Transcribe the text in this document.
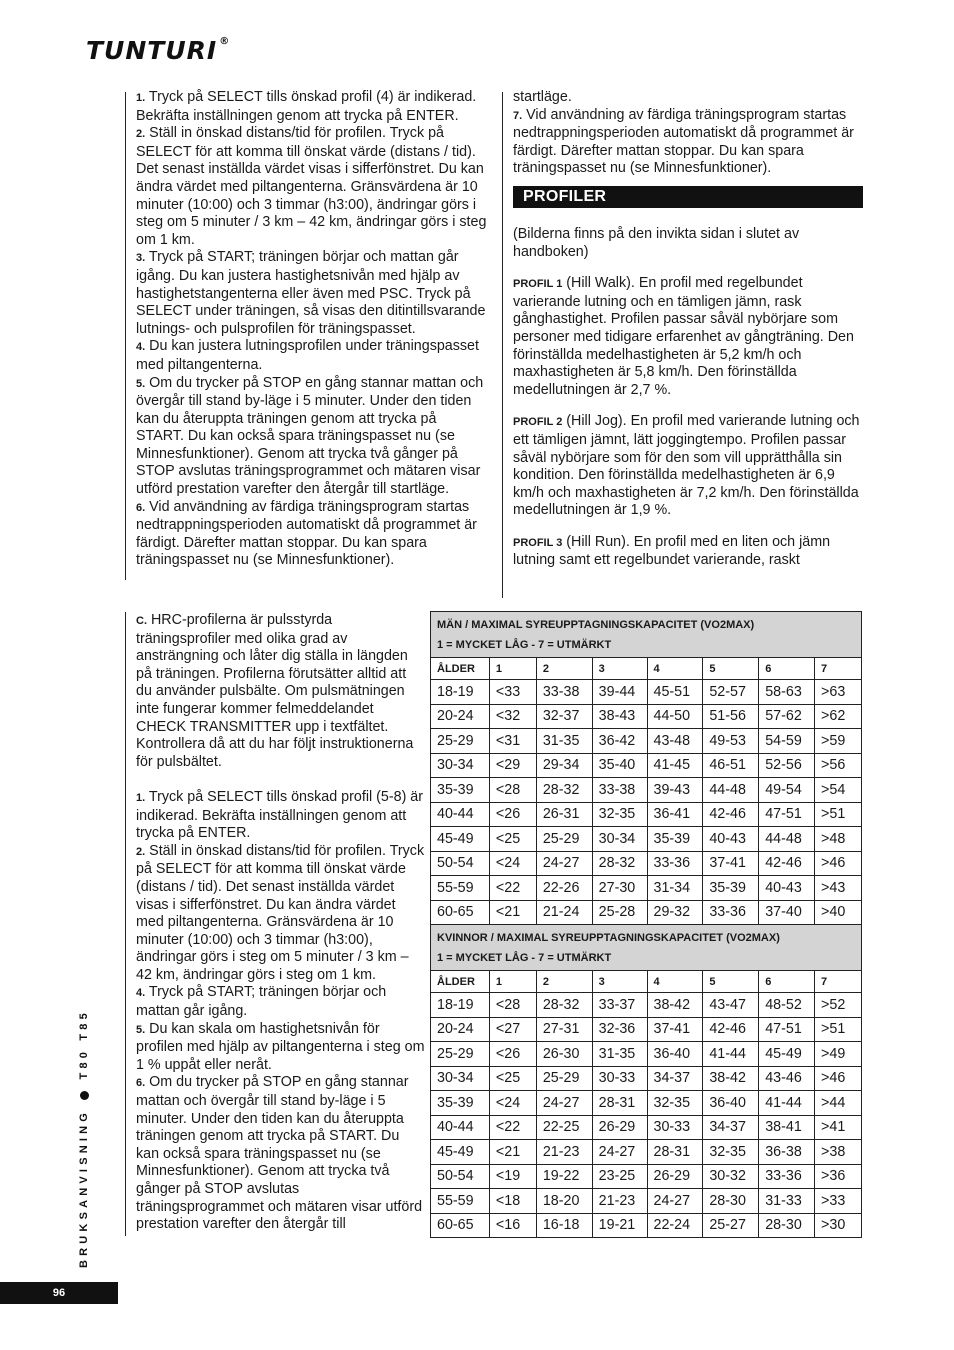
TUNTURI ®

1. Tryck på SELECT tills önskad profil (4) är indikerad. Bekräfta inställningen genom att trycka på ENTER.

2. Ställ in önskad distans/tid för profilen. Tryck på SELECT för att komma till önskat värde (distans / tid). Det senast inställda värdet visas i sifferfönstret. Du kan ändra värdet med piltangenterna. Gränsvärdena är 10 minuter (10:00) och 3 timmar (h3:00), ändringar görs i steg om 5 minuter / 3 km – 42 km, ändringar görs i steg om 1 km.

3. Tryck på START; träningen börjar och mattan går igång. Du kan justera hastighetsnivån med hjälp av hastighetstangenterna eller även med PSC. Tryck på SELECT under träningen, så visas den ditintillsvarande lutnings- och pulsprofilen för träningspasset.

4. Du kan justera lutningsprofilen under träningspasset med piltangenterna.

5. Om du trycker på STOP en gång stannar mattan och övergår till stand by-läge i 5 minuter. Under den tiden kan du återuppta träningen genom att trycka på START. Du kan också spara träningspasset nu (se Minnesfunktioner). Genom att trycka två gånger på STOP avslutas träningsprogrammet och mätaren visar utförd prestation varefter den återgår till startläge.

6. Vid användning av färdiga träningsprogram startas nedtrappningsperioden automatiskt då programmet är färdigt. Därefter mattan stoppar. Du kan spara träningspasset nu (se Minnesfunktioner).

startläge.

7. Vid användning av färdiga träningsprogram startas nedtrappningsperioden automatiskt då programmet är färdigt. Därefter mattan stoppar. Du kan spara träningspasset nu (se Minnesfunktioner).

PROFILER

(Bilderna finns på den invikta sidan i slutet av handboken)

PROFIL 1 (Hill Walk). En profil med regelbundet varierande lutning och en tämligen jämn, rask gånghastighet. Profilen passar såväl nybörjare som personer med tidigare erfarenhet av gångträning. Den förinställda medelhastigheten är 5,2 km/h och maxhastigheten är 5,8 km/h. Den förinställda medellutningen är 2,7 %.

PROFIL 2 (Hill Jog). En profil med varierande lutning och ett tämligen jämnt, lätt joggingtempo. Profilen passar såväl nybörjare som för den som vill upprätthålla sin kondition. Den förinställda medelhastigheten är 6,9 km/h och maxhastigheten är 7,2 km/h. Den förinställda medellutningen är 1,9 %.

PROFIL 3 (Hill Run). En profil med en liten och jämn lutning samt ett regelbundet varierande, raskt

C. HRC-profilerna är pulsstyrda träningsprofiler med olika grad av ansträngning och låter dig ställa in längden på träningen. Profilerna förutsätter alltid att du använder pulsbälte. Om pulsmätningen inte fungerar kommer felmeddelandet CHECK TRANSMITTER upp i textfältet. Kontrollera då att du har följt instruktionerna för pulsbältet.

1. Tryck på SELECT tills önskad profil (5-8) är indikerad. Bekräfta inställningen genom att trycka på ENTER.

2. Ställ in önskad distans/tid för profilen. Tryck på SELECT för att komma till önskat värde (distans / tid). Det senast inställda värdet visas i sifferfönstret. Du kan ändra värdet med piltangenterna. Gränsvärdena är 10 minuter (10:00) och 3 timmar (h3:00), ändringar görs i steg om 5 minuter / 3 km – 42 km, ändringar görs i steg om 1 km.

4. Tryck på START; träningen börjar och mattan går igång.

5. Du kan skala om hastighetsnivån för profilen med hjälp av piltangenterna i steg om 1 % uppåt eller neråt.

6. Om du trycker på STOP en gång stannar mattan och övergår till stand by-läge i 5 minuter. Under den tiden kan du återuppta träningen genom att trycka på START. Du kan också spara träningspasset nu (se Minnesfunktioner). Genom att trycka två gånger på STOP avslutas träningsprogrammet och mätaren visar utförd prestation varefter den återgår till

MÄN / MAXIMAL SYREUPPTAGNINGSKAPACITET (VO2MAX)
1 = MYCKET LÅG - 7 = UTMÄRKT							

ÅLDER	1	2	3	4	5	6	7
18-19	<33	33-38	39-44	45-51	52-57	58-63	>63
20-24	<32	32-37	38-43	44-50	51-56	57-62	>62
25-29	<31	31-35	36-42	43-48	49-53	54-59	>59
30-34	<29	29-34	35-40	41-45	46-51	52-56	>56
35-39	<28	28-32	33-38	39-43	44-48	49-54	>54
40-44	<26	26-31	32-35	36-41	42-46	47-51	>51
45-49	<25	25-29	30-34	35-39	40-43	44-48	>48
50-54	<24	24-27	28-32	33-36	37-41	42-46	>46
55-59	<22	22-26	27-30	31-34	35-39	40-43	>43
60-65	<21	21-24	25-28	29-32	33-36	37-40	>40

KVINNOR / MAXIMAL SYREUPPTAGNINGSKAPACITET (VO2MAX)
1 = MYCKET LÅG - 7 = UTMÄRKT							

ÅLDER	1	2	3	4	5	6	7
18-19	<28	28-32	33-37	38-42	43-47	48-52	>52
20-24	<27	27-31	32-36	37-41	42-46	47-51	>51
25-29	<26	26-30	31-35	36-40	41-44	45-49	>49
30-34	<25	25-29	30-33	34-37	38-42	43-46	>46
35-39	<24	24-27	28-31	32-35	36-40	41-44	>44
40-44	<22	22-25	26-29	30-33	34-37	38-41	>41
45-49	<21	21-23	24-27	28-31	32-35	36-38	>38
50-54	<19	19-22	23-25	26-29	30-32	33-36	>36
55-59	<18	18-20	21-23	24-27	28-30	31-33	>33
60-65	<16	16-18	19-21	22-24	25-27	28-30	>30
BRUKSANVISNING  T80 T85
96
